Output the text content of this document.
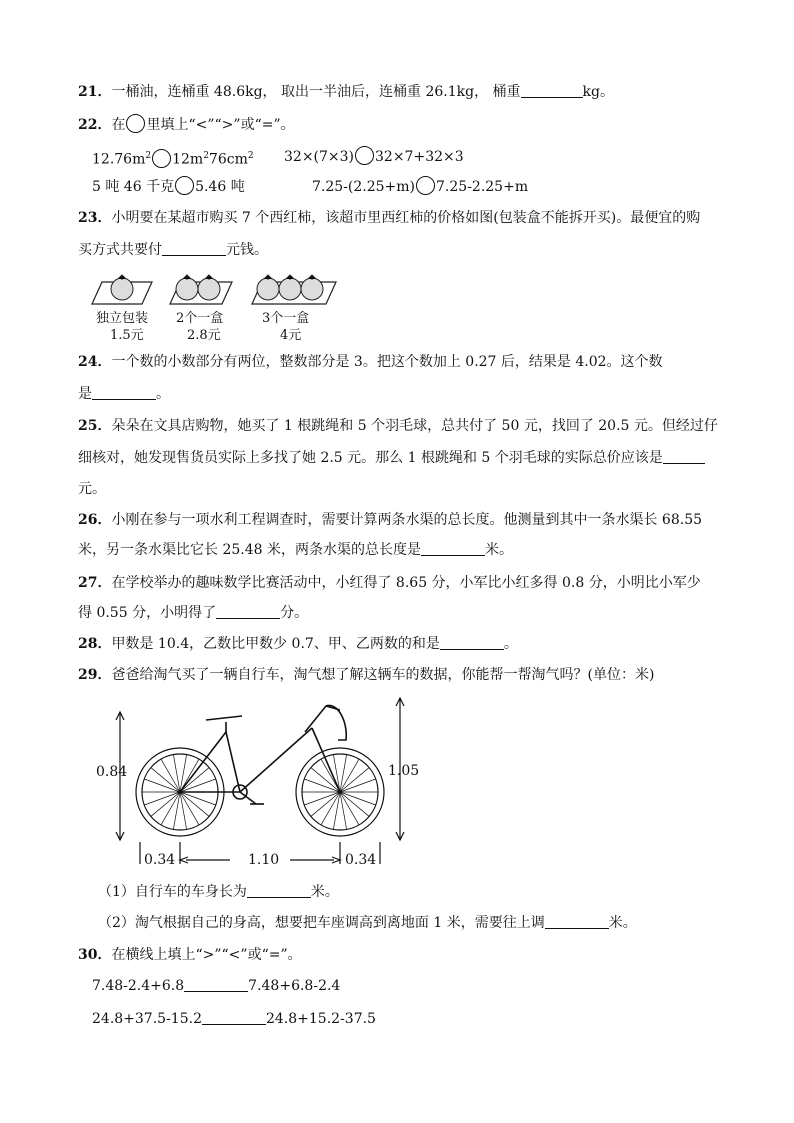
21．一桶油，连桶重 48.6kg， 取出一半油后，连桶重 26.1kg， 桶重	kg。
22．在 里填上“<”“>”或“=”。
$12.76m^2$ $12m^276cm^2$ 32×(7×3) 32×7+32×3
5 吨 46 千克 5.46 吨	7.25-(2.25+m) 7.25-2.25+m
23．小明要在某超市购买 7 个西红柿，该超市里西红柿的价格如图(包装盒不能拆开买)。最便宜的购
买方式共要付	元钱。
独立包装
1.5元
2个一盒
2.8元
3个一盒
4元
24．一个数的小数部分有两位，整数部分是 3。把这个数加上 0.27 后，结果是 4.02。这个数
是	。
25．朵朵在文具店购物，她买了 1 根跳绳和 5 个羽毛球，总共付了 50 元，找回了 20.5 元。但经过仔
细核对，她发现售货员实际上多找了她 2.5 元。那么 1 根跳绳和 5 个羽毛球的实际总价应该是
元。
26．小刚在参与一项水利工程调查时，需要计算两条水渠的总长度。他测量到其中一条水渠长 68.55
米，另一条水渠比它长 25.48 米，两条水渠的总长度是	米。
27．在学校举办的趣味数学比赛活动中，小红得了 8.65 分，小军比小红多得 0.8 分，小明比小军少
得 0.55 分，小明得了	分。
28．甲数是 10.4，乙数比甲数少 0.7、甲、乙两数的和是	。
29．爸爸给淘气买了一辆自行车，淘气想了解这辆车的数据，你能帮一帮淘气吗？(单位：米)
0.84	1.05
0.34	1.10	0.34
（1）自行车的车身长为	米。
（2）淘气根据自己的身高，想要把车座调高到离地面 1 米，需要往上调	米。
30．在横线上填上“>”“<”或“=”。
7.48-2.4+6.8	7.48+6.8-2.4
24.8+37.5-15.2	24.8+15.2-37.5
